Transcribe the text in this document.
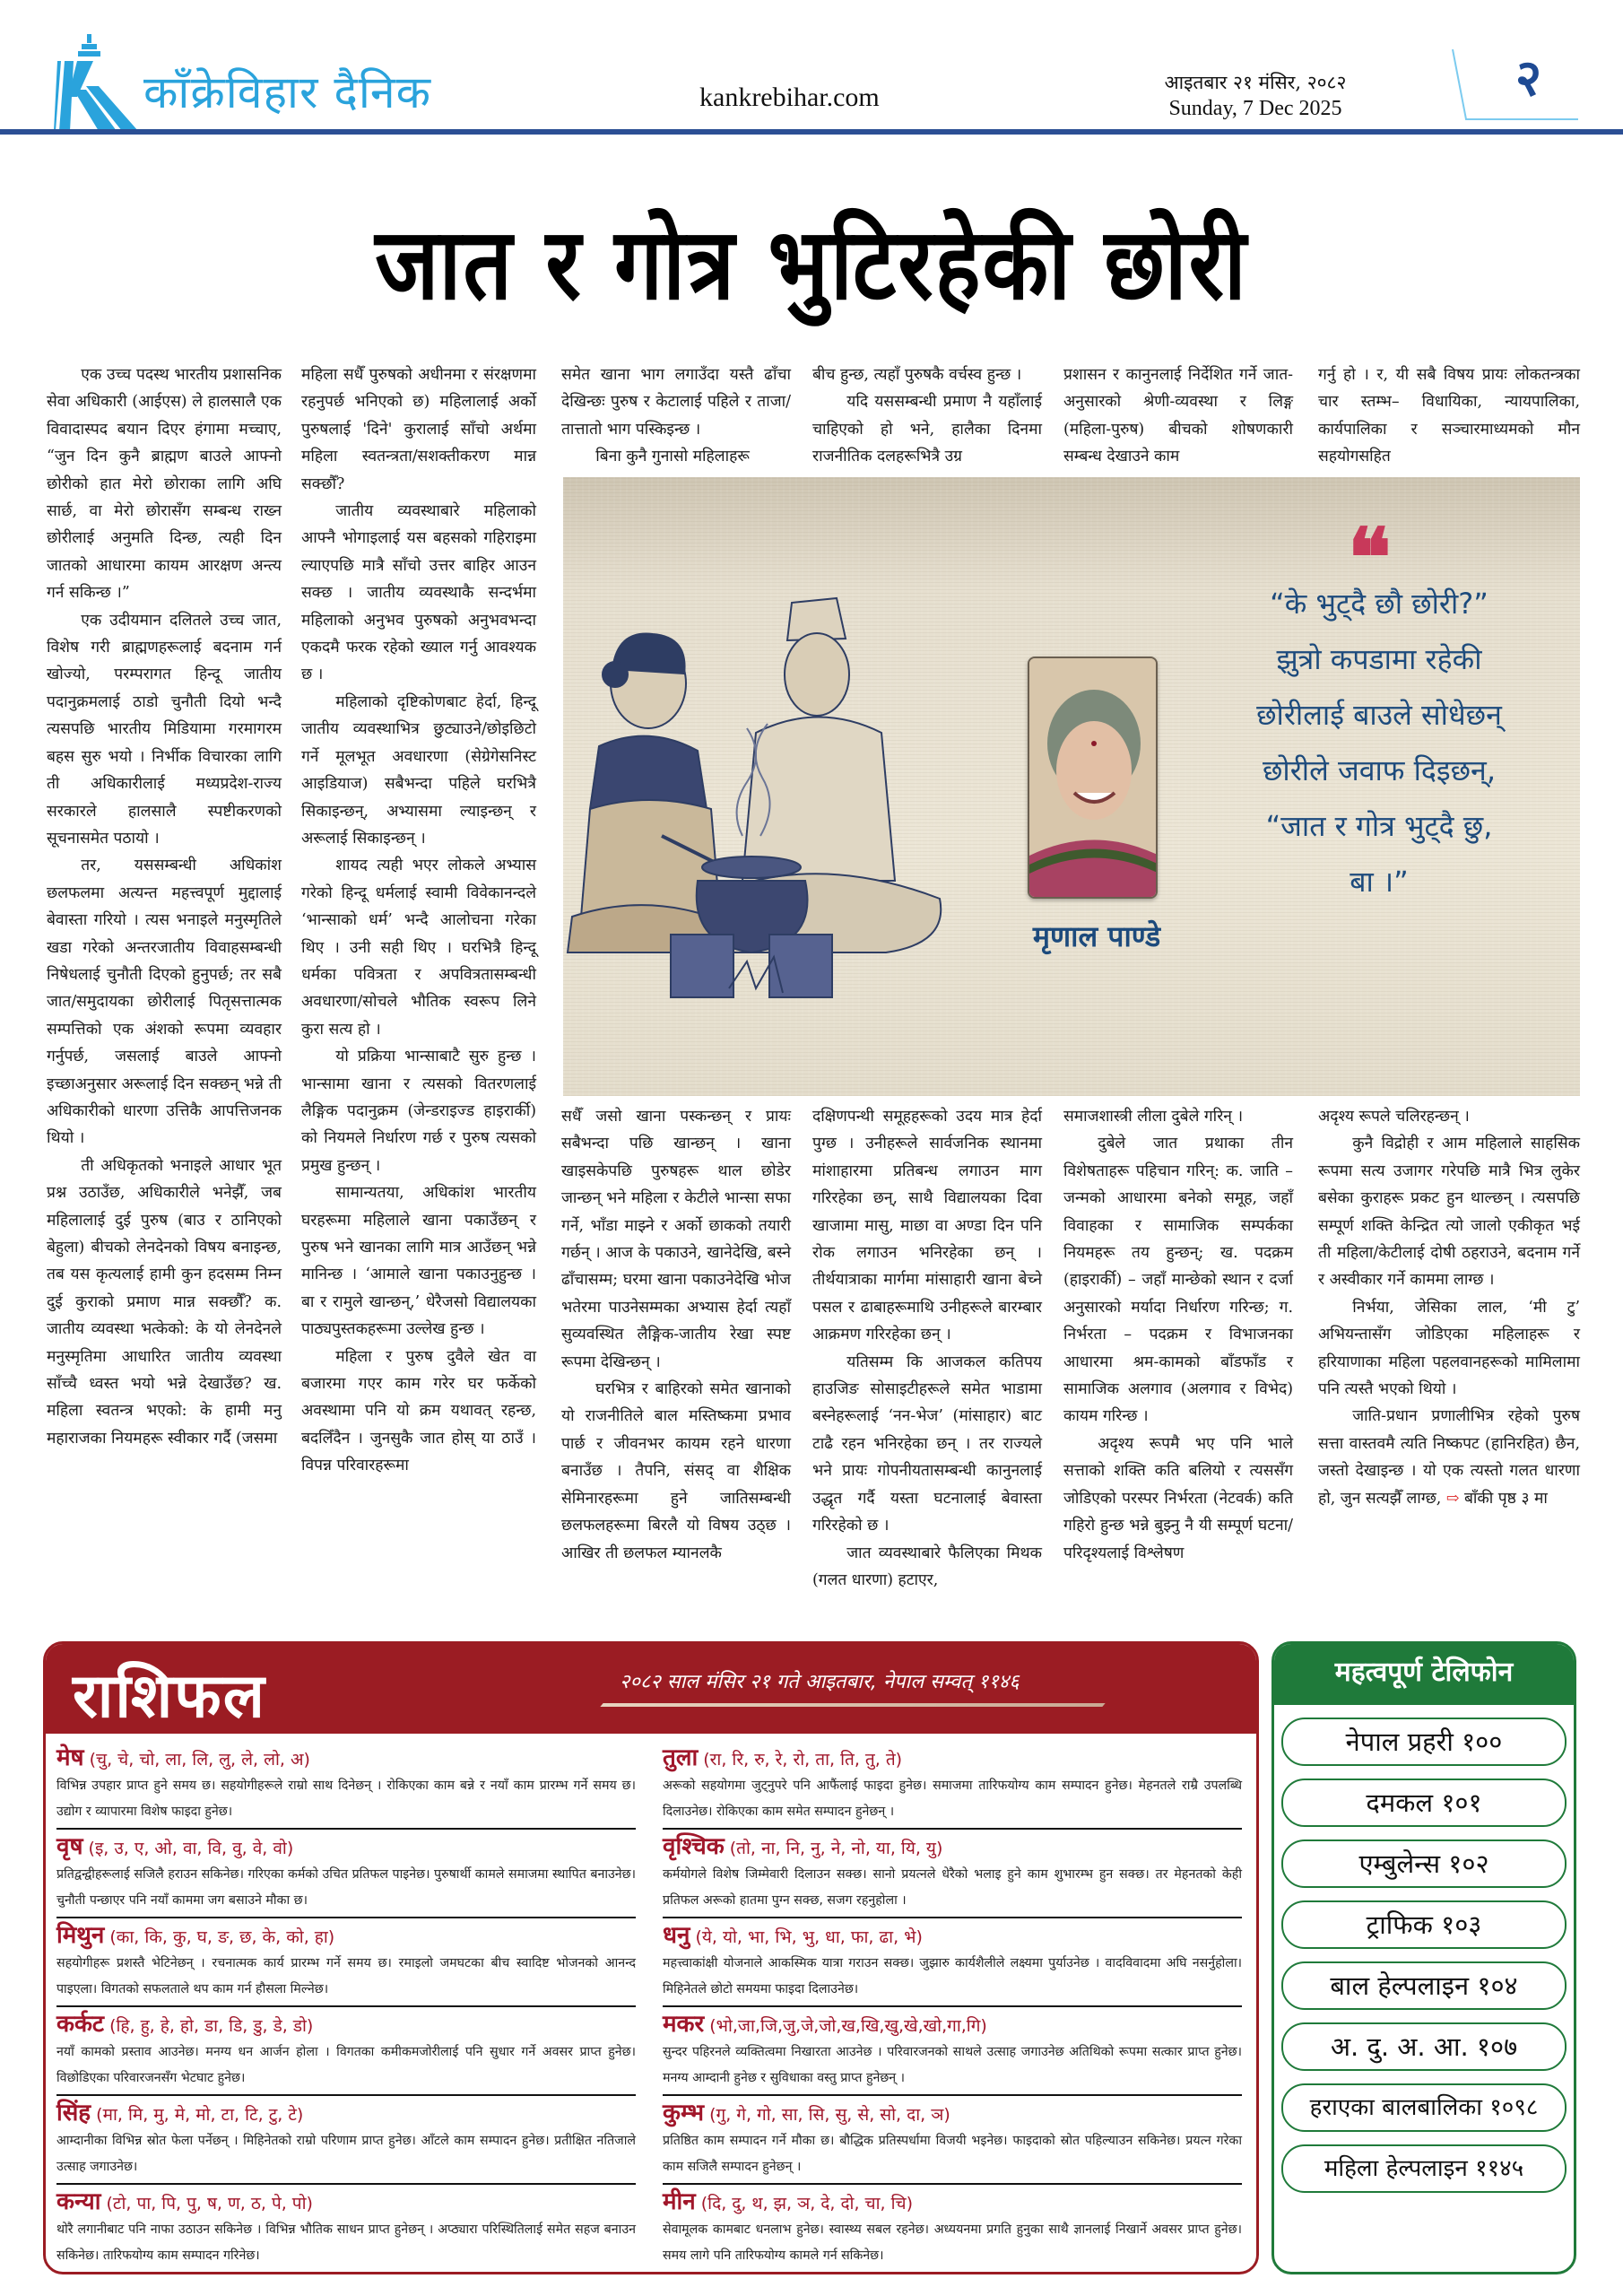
काँक्रेविहार दैनिक	kankrebihar.com	आइतबार २१ मंसिर, २०८२
Sunday, 7 Dec 2025
२
जात र गोत्र भुटिरहेकी छोरी

एक उच्च पदस्थ भारतीय प्रशासनिक सेवा अधिकारी (आईएस) ले हालसालै एक विवादास्पद बयान दिएर हंगामा मच्चाए, “जुन दिन कुनै ब्राह्मण बाउले आफ्नो छोरीको हात मेरो छोराका लागि अघि सार्छ, वा मेरो छोरासँग सम्बन्ध राख्न छोरीलाई अनुमति दिन्छ, त्यही दिन जातको आधारमा कायम आरक्षण अन्त्य गर्न सकिन्छ ।”

एक उदीयमान दलितले उच्च जात, विशेष गरी ब्राह्मणहरूलाई बदनाम गर्न खोज्यो, परम्परागत हिन्दू जातीय पदानुक्रमलाई ठाडो चुनौती दियो भन्दै त्यसपछि भारतीय मिडियामा गरमागरम बहस सुरु भयो । निर्भीक विचारका लागि ती अधिकारीलाई मध्यप्रदेश-राज्य सरकारले हालसालै स्पष्टीकरणको सूचनासमेत पठायो ।

तर, यससम्बन्धी अधिकांश छलफलमा अत्यन्त महत्त्वपूर्ण मुद्दालाई बेवास्ता गरियो । त्यस भनाइले मनुस्मृतिले खडा गरेको अन्तरजातीय विवाहसम्बन्धी निषेधलाई चुनौती दिएको हुनुपर्छ; तर सबै जात/समुदायका छोरीलाई पितृसत्तात्मक सम्पत्तिको एक अंशको रूपमा व्यवहार गर्नुपर्छ, जसलाई बाउले आफ्नो इच्छाअनुसार अरूलाई दिन सक्छन् भन्ने ती अधिकारीको धारणा उत्तिकै आपत्तिजनक थियो ।

ती अधिकृतको भनाइले आधार भूत प्रश्न उठाउँछ, अधिकारीले भनेझैँ, जब महिलालाई दुई पुरुष (बाउ र ठानिएको बेहुला) बीचको लेनदेनको विषय बनाइन्छ, तब यस कृत्यलाई हामी कुन हदसम्म निम्न दुई कुराको प्रमाण मान्न सक्छौँ? क. जातीय व्यवस्था भत्केको: के यो लेनदेनले मनुस्मृतिमा आधारित जातीय व्यवस्था साँच्चै ध्वस्त भयो भन्ने देखाउँछ? ख. महिला स्वतन्त्र भएको: के हामी मनु महाराजका नियमहरू स्वीकार गर्दै (जसमा

महिला सधैँ पुरुषको अधीनमा र संरक्षणमा रहनुपर्छ भनिएको छ) महिलालाई अर्को पुरुषलाई 'दिने' कुरालाई साँचो अर्थमा महिला स्वतन्त्रता/सशक्तीकरण मान्न सक्छौँ?

जातीय व्यवस्थाबारे महिलाको आफ्नै भोगाइलाई यस बहसको गहिराइमा ल्याएपछि मात्रै साँचो उत्तर बाहिर आउन सक्छ । जातीय व्यवस्थाकै सन्दर्भमा महिलाको अनुभव पुरुषको अनुभवभन्दा एकदमै फरक रहेको ख्याल गर्नु आवश्यक छ ।

महिलाको दृष्टिकोणबाट हेर्दा, हिन्दू जातीय व्यवस्थाभित्र छुट्याउने/छोइछिटो गर्ने मूलभूत अवधारणा (सेग्रेगेसनिस्ट आइडियाज) सबैभन्दा पहिले घरभित्रै सिकाइन्छन्, अभ्यासमा ल्याइन्छन् र अरूलाई सिकाइन्छन् ।

शायद त्यही भएर लोकले अभ्यास गरेको हिन्दू धर्मलाई स्वामी विवेकानन्दले ‘भान्साको धर्म’ भन्दै आलोचना गरेका थिए । उनी सही थिए । घरभित्रै हिन्दू धर्मका पवित्रता र अपवित्रतासम्बन्धी अवधारणा/सोचले भौतिक स्वरूप लिने कुरा सत्य हो ।

यो प्रक्रिया भान्साबाटै सुरु हुन्छ । भान्सामा खाना र त्यसको वितरणलाई लैङ्गिक पदानुक्रम (जेन्डराइज्ड हाइरार्की) को नियमले निर्धारण गर्छ र पुरुष त्यसको प्रमुख हुन्छन् ।

सामान्यतया, अधिकांश भारतीय घरहरूमा महिलाले खाना पकाउँछन् र पुरुष भने खानका लागि मात्र आउँछन् भन्ने मानिन्छ । ‘आमाले खाना पकाउनुहुन्छ । बा र रामुले खान्छन्,’ धेरैजसो विद्यालयका पाठ्यपुस्तकहरूमा उल्लेख हुन्छ ।

महिला र पुरुष दुवैले खेत वा बजारमा गएर काम गरेर घर फर्केको अवस्थामा पनि यो क्रम यथावत् रहन्छ, बदलिँदैन । जुनसुकै जात होस् या ठाउँ । विपन्न परिवारहरूमा

समेत खाना भाग लगाउँदा यस्तै ढाँचा देखिन्छः पुरुष र केटालाई पहिले र ताजा/तात्तातो भाग पस्किइन्छ ।

बिना कुनै गुनासो महिलाहरू

बीच हुन्छ, त्यहाँ पुरुषकै वर्चस्व हुन्छ ।

यदि यससम्बन्धी प्रमाण नै यहाँलाई चाहिएको हो भने, हालैका दिनमा राजनीतिक दलहरूभित्रै उग्र

प्रशासन र कानुनलाई निर्देशित गर्ने जात-अनुसारको श्रेणी-व्यवस्था र लिङ्ग (महिला-पुरुष) बीचको शोषणकारी सम्बन्ध देखाउने काम

गर्नु हो । र, यी सबै विषय प्रायः लोकतन्त्रका चार स्तम्भ– विधायिका, न्यायपालिका, कार्यपालिका र सञ्चारमाध्यमको मौन सहयोगसहित

मृणाल पाण्डे
❝
“के भुट्दै छौ छोरी?”
झुत्रो कपडामा रहेकी
छोरीलाई बाउले सोधेछन्
छोरीले जवाफ दिइछन्,
“जात र गोत्र भुट्दै छु,
बा ।”

सधैँ जसो खाना पस्कन्छन् र प्रायः सबैभन्दा पछि खान्छन् । खाना खाइसकेपछि पुरुषहरू थाल छोडेर जान्छन् भने महिला र केटीले भान्सा सफा गर्ने, भाँडा माझ्ने र अर्को छाकको तयारी गर्छन् । आज के पकाउने, खानेदेखि, बस्ने ढाँचासम्म; घरमा खाना पकाउनेदेखि भोज भतेरमा पाउनेसम्मका अभ्यास हेर्दा त्यहाँ सुव्यवस्थित लैङ्गिक-जातीय रेखा स्पष्ट रूपमा देखिन्छन् ।

घरभित्र र बाहिरको समेत खानाको यो राजनीतिले बाल मस्तिष्कमा प्रभाव पार्छ र जीवनभर कायम रहने धारणा बनाउँछ । तैपनि, संसद् वा शैक्षिक सेमिनारहरूमा हुने जातिसम्बन्धी छलफलहरूमा बिरलै यो विषय उठ्छ । आखिर ती छलफल म्यानलकै

दक्षिणपन्थी समूहहरूको उदय मात्र हेर्दा पुग्छ । उनीहरूले सार्वजनिक स्थानमा मांशाहारमा प्रतिबन्ध लगाउन माग गरिरहेका छन्, साथै विद्यालयका दिवा खाजामा मासु, माछा वा अण्डा दिन पनि रोक लगाउन भनिरहेका छन् । तीर्थयात्राका मार्गमा मांसाहारी खाना बेच्ने पसल र ढाबाहरूमाथि उनीहरूले बारम्बार आक्रमण गरिरहेका छन् ।

यतिसम्म कि आजकल कतिपय हाउजिङ सोसाइटीहरूले समेत भाडामा बस्नेहरूलाई ‘नन-भेज’ (मांसाहार) बाट टाढै रहन भनिरहेका छन् । तर राज्यले भने प्रायः गोपनीयतासम्बन्धी कानुनलाई उद्धृत गर्दै यस्ता घटनालाई बेवास्ता गरिरहेको छ ।

जात व्यवस्थाबारे फैलिएका मिथक (गलत धारणा) हटाएर,

समाजशास्त्री लीला दुबेले गरिन् ।

दुबेले जात प्रथाका तीन विशेषताहरू पहिचान गरिन्: क. जाति – जन्मको आधारमा बनेको समूह, जहाँ विवाहका र सामाजिक सम्पर्कका नियमहरू तय हुन्छन्; ख. पदक्रम (हाइरार्की) – जहाँ मान्छेको स्थान र दर्जा अनुसारको मर्यादा निर्धारण गरिन्छ; ग. निर्भरता – पदक्रम र विभाजनका आधारमा श्रम-कामको बाँडफाँड र सामाजिक अलगाव (अलगाव र विभेद) कायम गरिन्छ ।

अदृश्य रूपमै भए पनि भाले सत्ताको शक्ति कति बलियो र त्यससँग जोडिएको परस्पर निर्भरता (नेटवर्क) कति गहिरो हुन्छ भन्ने बुझ्नु नै यी सम्पूर्ण घटना/परिदृश्यलाई विश्लेषण

अदृश्य रूपले चलिरहन्छन् ।

कुनै विद्रोही र आम महिलाले साहसिक रूपमा सत्य उजागर गरेपछि मात्रै भित्र लुकेर बसेका कुराहरू प्रकट हुन थाल्छन् । त्यसपछि सम्पूर्ण शक्ति केन्द्रित त्यो जालो एकीकृत भई ती महिला/केटीलाई दोषी ठहराउने, बदनाम गर्ने र अस्वीकार गर्ने काममा लाग्छ ।

निर्भया, जेसिका लाल, ‘मी टु’ अभियन्तासँग जोडिएका महिलाहरू र हरियाणाका महिला पहलवानहरूको मामिलामा पनि त्यस्तै भएको थियो ।

जाति-प्रधान प्रणालीभित्र रहेको पुरुष सत्ता वास्तवमै त्यति निष्कपट (हानिरहित) छैन, जस्तो देखाइन्छ । यो एक त्यस्तो गलत धारणा हो, जुन सत्यझैँ लाग्छ, ⇨ बाँकी पृष्ठ ३ मा

राशिफल	२०८२ साल मंसिर २१ गते आइतबार, नेपाल सम्वत् ११४६
मेष (चु, चे, चो, ला, लि, लु, ले, लो, अ)
विभिन्न उपहार प्राप्त हुने समय छ। सहयोगीहरूले राम्रो साथ दिनेछन् । रोकिएका काम बन्ने र नयाँ काम प्रारम्भ गर्ने समय छ। उद्योग र व्यापारमा विशेष फाइदा हुनेछ।
वृष (इ, उ, ए, ओ, वा, वि, वु, वे, वो)
प्रतिद्वन्द्वीहरूलाई सजिलै हराउन सकिनेछ। गरिएका कर्मको उचित प्रतिफल पाइनेछ। पुरुषार्थी कामले समाजमा स्थापित बनाउनेछ। चुनौती पन्छाएर पनि नयाँ काममा जग बसाउने मौका छ।
मिथुन (का, कि, कु, घ, ङ, छ, के, को, हा)
सहयोगीहरू प्रशस्तै भेटिनेछन् । रचनात्मक कार्य प्रारम्भ गर्ने समय छ। रमाइलो जमघटका बीच स्वादिष्ट भोजनको आनन्द पाइएला। विगतको सफलताले थप काम गर्न हौसला मिल्नेछ।
कर्कट (हि, हु, हे, हो, डा, डि, डु, डे, डो)
नयाँ कामको प्रस्ताव आउनेछ। मनग्य धन आर्जन होला । विगतका कमीकमजोरीलाई पनि सुधार गर्ने अवसर प्राप्त हुनेछ। विछोडिएका परिवारजनसँग भेटघाट हुनेछ।
सिंह (मा, मि, मु, मे, मो, टा, टि, टु, टे)
आम्दानीका विभिन्न स्रोत फेला पर्नेछन् । मिहिनेतको राम्रो परिणाम प्राप्त हुनेछ। आँटले काम सम्पादन हुनेछ। प्रतीक्षित नतिजाले उत्साह जगाउनेछ।
कन्या (टो, पा, पि, पु, ष, ण, ठ, पे, पो)
थोरै लगानीबाट पनि नाफा उठाउन सकिनेछ । विभिन्न भौतिक साधन प्राप्त हुनेछन् । अप्ठ्यारा परिस्थितिलाई समेत सहज बनाउन सकिनेछ। तारिफयोग्य काम सम्पादन गरिनेछ।
तुला (रा, रि, रु, रे, रो, ता, ति, तु, ते)
अरूको सहयोगमा जुट्नुपरे पनि आफैंलाई फाइदा हुनेछ। समाजमा तारिफयोग्य काम सम्पादन हुनेछ। मेहनतले राम्रै उपलब्धि दिलाउनेछ। रोकिएका काम समेत सम्पादन हुनेछन् ।
वृश्चिक (तो, ना, नि, नु, ने, नो, या, यि, यु)
कर्मयोगले विशेष जिम्मेवारी दिलाउन सक्छ। सानो प्रयत्नले धेरैको भलाइ हुने काम शुभारम्भ हुन सक्छ। तर मेहनतको केही प्रतिफल अरूको हातमा पुग्न सक्छ, सजग रहनुहोला ।
धनु (ये, यो, भा, भि, भु, धा, फा, ढा, भे)
महत्त्वाकांक्षी योजनाले आकस्मिक यात्रा गराउन सक्छ। जुझारु कार्यशैलीले लक्ष्यमा पुर्याउनेछ । वादविवादमा अघि नसर्नुहोला। मिहिनेतले छोटो समयमा फाइदा दिलाउनेछ।
मकर (भो,जा,जि,जु,जे,जो,ख,खि,खु,खे,खो,गा,गि)
सुन्दर पहिरनले व्यक्तित्वमा निखारता आउनेछ । परिवारजनको साथले उत्साह जगाउनेछ अतिथिको रूपमा सत्कार प्राप्त हुनेछ। मनग्य आम्दानी हुनेछ र सुविधाका वस्तु प्राप्त हुनेछन् ।
कुम्भ (गु, गे, गो, सा, सि, सु, से, सो, दा, ञ)
प्रतिष्ठित काम सम्पादन गर्ने मौका छ। बौद्धिक प्रतिस्पर्धामा विजयी भइनेछ। फाइदाको स्रोत पहिल्याउन सकिनेछ। प्रयत्न गरेका काम सजिलै सम्पादन हुनेछन् ।
मीन (दि, दु, थ, झ, ञ, दे, दो, चा, चि)
सेवामूलक कामबाट धनलाभ हुनेछ। स्वास्थ्य सबल रहनेछ। अध्ययनमा प्रगति हुनुका साथै ज्ञानलाई निखार्ने अवसर प्राप्त हुनेछ। समय लागे पनि तारिफयोग्य कामले गर्न सकिनेछ।
महत्वपूर्ण टेलिफोन
नेपाल प्रहरी १००
दमकल १०१
एम्बुलेन्स १०२
ट्राफिक १०३
बाल हेल्पलाइन १०४
अ. दु. अ. आ. १०७
हराएका बालबालिका १०९८
महिला हेल्पलाइन ११४५
